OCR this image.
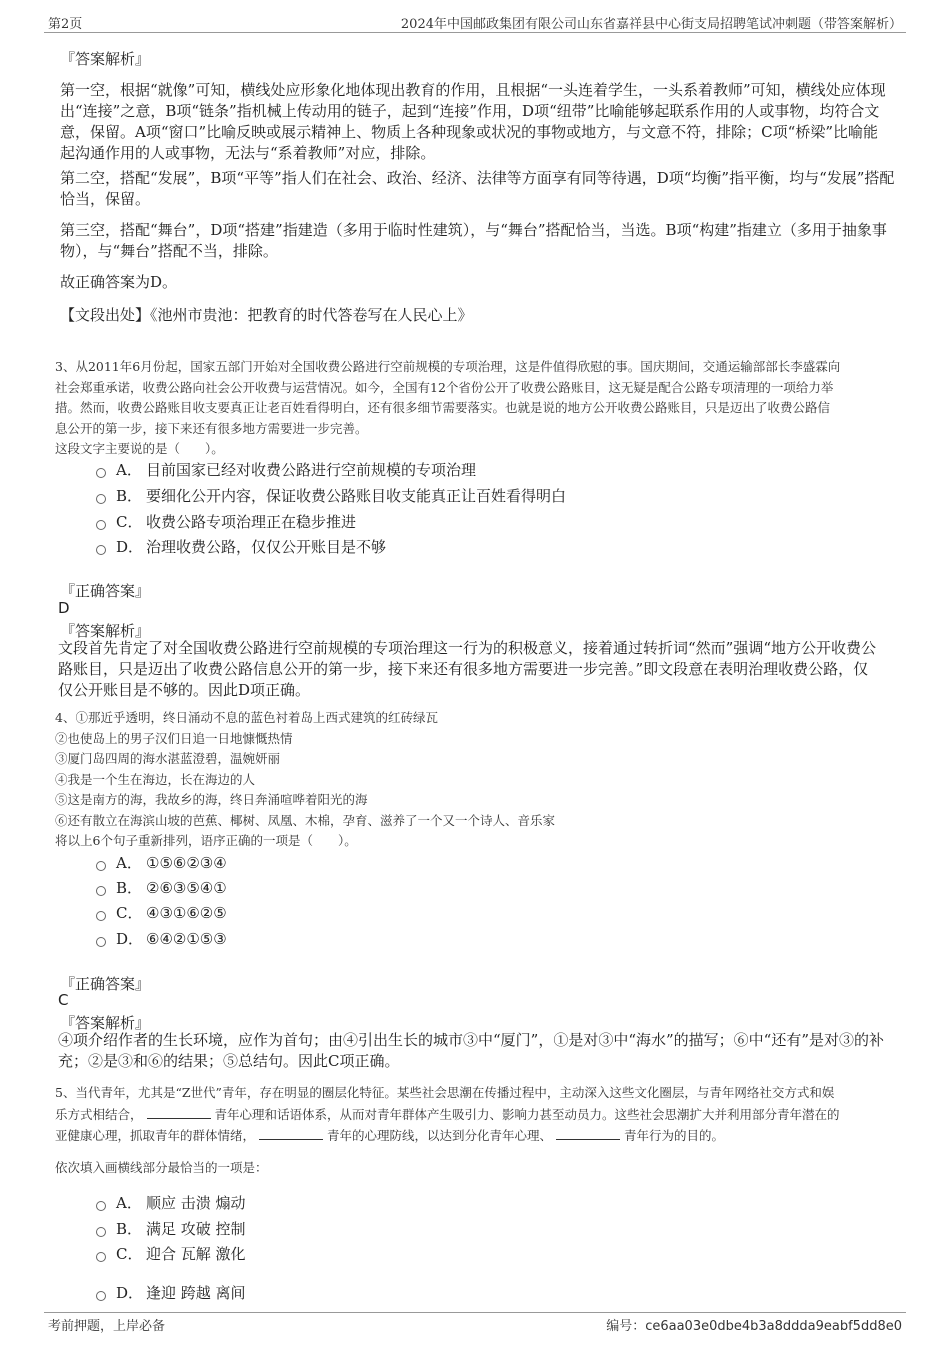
第2页	2024年中国邮政集团有限公司山东省嘉祥县中心街支局招聘笔试冲刺题（带答案解析）
『答案解析』
第一空，根据“就像”可知，横线处应形象化地体现出教育的作用，且根据“一头连着学生，一头系着教师”可知，横线处应体现
出“连接”之意，B项“链条”指机械上传动用的链子，起到“连接”作用，D项“纽带”比喻能够起联系作用的人或事物，均符合文
意，保留。A项“窗口”比喻反映或展示精神上、物质上各种现象或状况的事物或地方，与文意不符，排除；C项“桥梁”比喻能
起沟通作用的人或事物，无法与“系着教师”对应，排除。
第二空，搭配“发展”，B项“平等”指人们在社会、政治、经济、法律等方面享有同等待遇，D项“均衡”指平衡，均与“发展”搭配
恰当，保留。
第三空，搭配“舞台”，D项“搭建”指建造（多用于临时性建筑），与“舞台”搭配恰当，当选。B项“构建”指建立（多用于抽象事
物），与“舞台”搭配不当，排除。
故正确答案为D。
【文段出处】《池州市贵池：把教育的时代答卷写在人民心上》
3、从2011年6月份起，国家五部门开始对全国收费公路进行空前规模的专项治理，这是件值得欣慰的事。国庆期间，交通运输部部长李盛霖向
社会郑重承诺，收费公路向社会公开收费与运营情况。如今，全国有12个省份公开了收费公路账目，这无疑是配合公路专项清理的一项给力举
措。然而，收费公路账目收支要真正让老百姓看得明白，还有很多细节需要落实。也就是说的地方公开收费公路账目，只是迈出了收费公路信
息公开的第一步，接下来还有很多地方需要进一步完善。
这段文字主要说的是（　　）。
A． 目前国家已经对收费公路进行空前规模的专项治理
B． 要细化公开内容，保证收费公路账目收支能真正让百姓看得明白
C． 收费公路专项治理正在稳步推进
D． 治理收费公路，仅仅公开账目是不够
『正确答案』
D
『答案解析』
文段首先肯定了对全国收费公路进行空前规模的专项治理这一行为的积极意义，接着通过转折词“然而”强调“地方公开收费公
路账目，只是迈出了收费公路信息公开的第一步，接下来还有很多地方需要进一步完善。”即文段意在表明治理收费公路，仅
仅公开账目是不够的。因此D项正确。
4、①那近乎透明，终日涌动不息的蓝色衬着岛上西式建筑的红砖绿瓦
②也使岛上的男子汉们日追一日地慷慨热情
③厦门岛四周的海水湛蓝澄碧，温婉妍丽
④我是一个生在海边，长在海边的人
⑤这是南方的海，我故乡的海，终日奔涌喧哗着阳光的海
⑥还有散立在海滨山坡的芭蕉、椰树、凤凰、木棉，孕育、滋养了一个又一个诗人、音乐家
将以上6个句子重新排列，语序正确的一项是（　　）。
A． ①⑤⑥②③④
B． ②⑥③⑤④①
C． ④③①⑥②⑤
D． ⑥④②①⑤③
『正确答案』
C
『答案解析』
④项介绍作者的生长环境，应作为首句；由④引出生长的城市③中“厦门”，①是对③中“海水”的描写；⑥中“还有”是对③的补
充；②是③和⑥的结果；⑤总结句。因此C项正确。
5、当代青年，尤其是“Z世代”青年，存在明显的圈层化特征。某些社会思潮在传播过程中，主动深入这些文化圈层，与青年网络社交方式和娱
乐方式相结合，	青年心理和话语体系，从而对青年群体产生吸引力、影响力甚至动员力。这些社会思潮扩大并利用部分青年潜在的
亚健康心理，抓取青年的群体情绪，	青年的心理防线，以达到分化青年心理、	青年行为的目的。
依次填入画横线部分最恰当的一项是：
A． 顺应 击溃 煽动
B． 满足 攻破 控制
C． 迎合 瓦解 激化
D． 逢迎 跨越 离间
考前押题，上岸必备	编号：ce6aa03e0dbe4b3a8ddda9eabf5dd8e0
